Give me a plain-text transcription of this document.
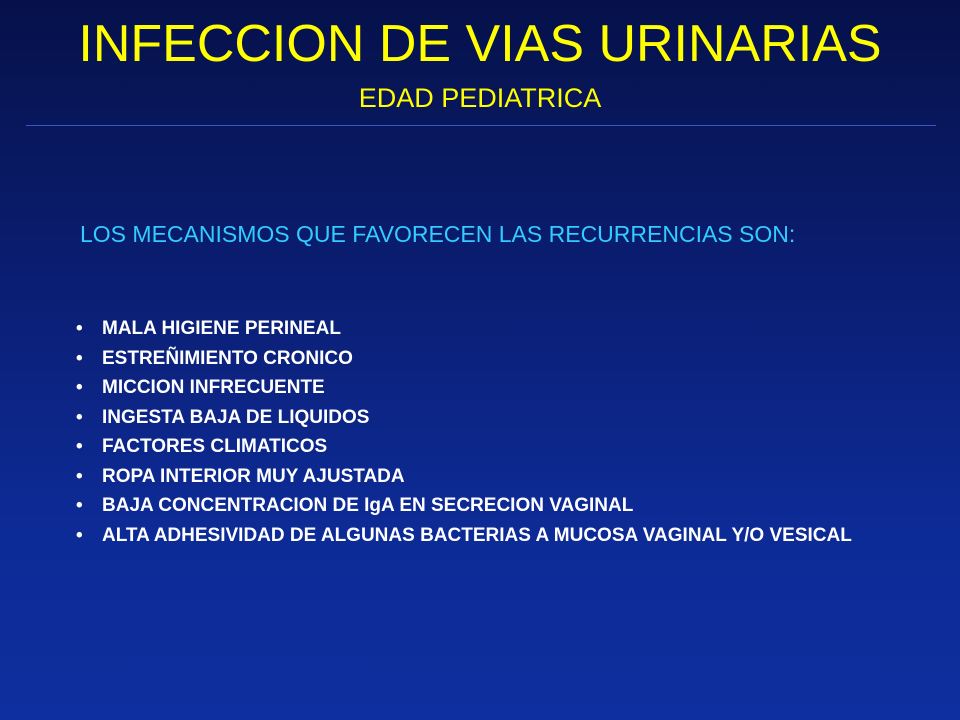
INFECCION DE VIAS URINARIAS
EDAD PEDIATRICA
LOS MECANISMOS QUE FAVORECEN LAS RECURRENCIAS SON:
• MALA HIGIENE PERINEAL
• ESTREÑIMIENTO CRONICO
• MICCION INFRECUENTE
• INGESTA BAJA DE LIQUIDOS
• FACTORES CLIMATICOS
• ROPA INTERIOR MUY AJUSTADA
• BAJA CONCENTRACION DE IgA EN SECRECION VAGINAL
• ALTA ADHESIVIDAD DE ALGUNAS BACTERIAS A MUCOSA VAGINAL Y/O VESICAL
